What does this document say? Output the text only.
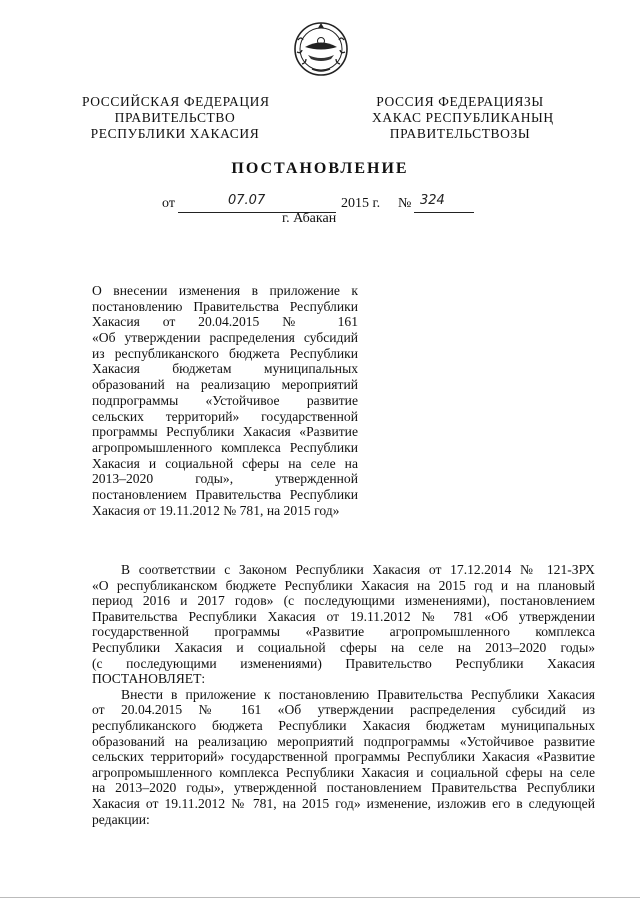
РОССИЙСКАЯ ФЕДЕРАЦИЯ
ПРАВИТЕЛЬСТВО
РЕСПУБЛИКИ ХАКАСИЯ
РОССИЯ ФЕДЕРАЦИЯЗЫ
ХАКАС РЕСПУБЛИКАНЫҢ
ПРАВИТЕЛЬСТВОЗЫ
ПОСТАНОВЛЕНИЕ
от	07.07	2015 г. № 324
г. Абакан
О внесении изменения в приложение к
постановлению Правительства Республики
Хакасия от 20.04.2015 № 161
«Об утверждении распределения субсидий
из республиканского бюджета Республики
Хакасия бюджетам муниципальных
образований на реализацию мероприятий
подпрограммы «Устойчивое развитие
сельских территорий» государственной
программы Республики Хакасия «Развитие
агропромышленного комплекса Республики
Хакасия и социальной сферы на селе на
2013–2020 годы», утвержденной
постановлением Правительства Республики
Хакасия от 19.11.2012 № 781, на 2015 год»
В соответствии с Законом Республики Хакасия от 17.12.2014 № 121-ЗРХ
«О республиканском бюджете Республики Хакасия на 2015 год и на плановый
период 2016 и 2017 годов» (с последующими изменениями), постановлением
Правительства Республики Хакасия от 19.11.2012 № 781 «Об утверждении
государственной программы «Развитие агропромышленного комплекса
Республики Хакасия и социальной сферы на селе на 2013–2020 годы»
(с последующими изменениями) Правительство Республики Хакасия
ПОСТАНОВЛЯЕТ:
Внести в приложение к постановлению Правительства Республики Хакасия
от 20.04.2015 № 161 «Об утверждении распределения субсидий из
республиканского бюджета Республики Хакасия бюджетам муниципальных
образований на реализацию мероприятий подпрограммы «Устойчивое развитие
сельских территорий» государственной программы Республики Хакасия «Развитие
агропромышленного комплекса Республики Хакасия и социальной сферы на селе
на 2013–2020 годы», утвержденной постановлением Правительства Республики
Хакасия от 19.11.2012 № 781, на 2015 год» изменение, изложив его в следующей
редакции:
